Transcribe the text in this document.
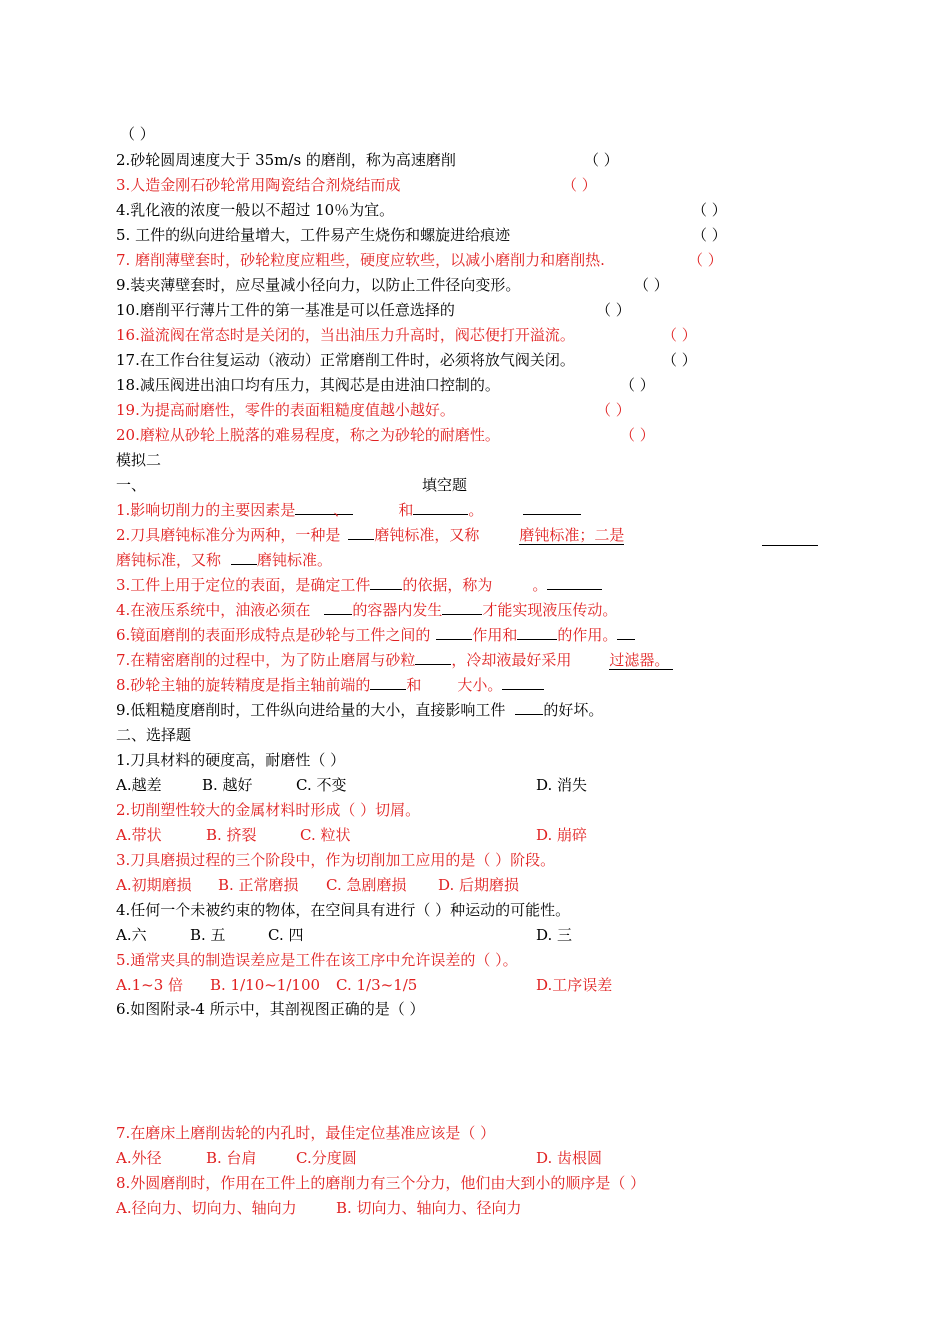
（ ）
2.砂轮圆周速度大于 35m/s 的磨削，称为高速磨削	（ ）
3.人造金刚石砂轮常用陶瓷结合剂烧结而成	（ ）
4.乳化液的浓度一般以不超过 10％为宜。	（ ）
5. 工件的纵向进给量增大，工件易产生烧伤和螺旋进给痕迹	（ ）
7. 磨削薄壁套时，砂轮粒度应粗些，硬度应软些，以减小磨削力和磨削热.	（ ）
9.装夹薄壁套时，应尽量减小径向力，以防止工件径向变形。	（ ）
10.磨削平行薄片工件的第一基准是可以任意选择的	（ ）
16.溢流阀在常态时是关闭的，当出油压力升高时，阀芯便打开溢流。	（ ）
17.在工作台往复运动（液动）正常磨削工件时，必须将放气阀关闭。	（ ）
18.减压阀进出油口均有压力，其阀芯是由进油口控制的。	（ ）
19.为提高耐磨性，零件的表面粗糙度值越小越好。	（ ）
20.磨粒从砂轮上脱落的难易程度，称之为砂轮的耐磨性。	（ ）
模拟二
一、	填空题
1.影响切削力的主要因素是	、	和	。
2.刀具磨钝标准分为两种，一种是 磨钝标准，又称	磨钝标准；二是
磨钝标准，又称 磨钝标准。
3.工件上用于定位的表面，是确定工件 的依据，称为	。
4.在液压系统中，油液必须在	的容器内发生	才能实现液压传动。
6.镜面磨削的表面形成特点是砂轮与工件之间的	作用和	的作用。
7.在精密磨削的过程中，为了防止磨屑与砂粒 ，冷却液最好采用	过滤器。
8.砂轮主轴的旋转精度是指主轴前端的 和 大小。
9.低粗糙度磨削时，工件纵向进给量的大小，直接影响工件	的好坏。
二、选择题
1.刀具材料的硬度高，耐磨性（ ）
A.越差	B. 越好	C. 不变	D. 消失
2.切削塑性较大的金属材料时形成（ ）切屑。
A.带状	B. 挤裂	C. 粒状	D. 崩碎
3.刀具磨损过程的三个阶段中，作为切削加工应用的是（ ）阶段。
A.初期磨损 B. 正常磨损 C. 急剧磨损 D. 后期磨损
4.任何一个未被约束的物体，在空间具有进行（ ）种运动的可能性。
A.六	B. 五	C. 四	D. 三
5.通常夹具的制造误差应是工件在该工序中允许误差的（ ）。
A.1~3 倍 B. 1/10~1/100 C. 1/3~1/5	D.工序误差
6.如图附录-4 所示中，其剖视图正确的是（ ）
7.在磨床上磨削齿轮的内孔时，最佳定位基准应该是（ ）
A.外径	B. 台肩	C.分度圆	D. 齿根圆
8.外圆磨削时，作用在工件上的磨削力有三个分力，他们由大到小的顺序是（ ）
A.径向力、切向力、轴向力	B. 切向力、轴向力、径向力
